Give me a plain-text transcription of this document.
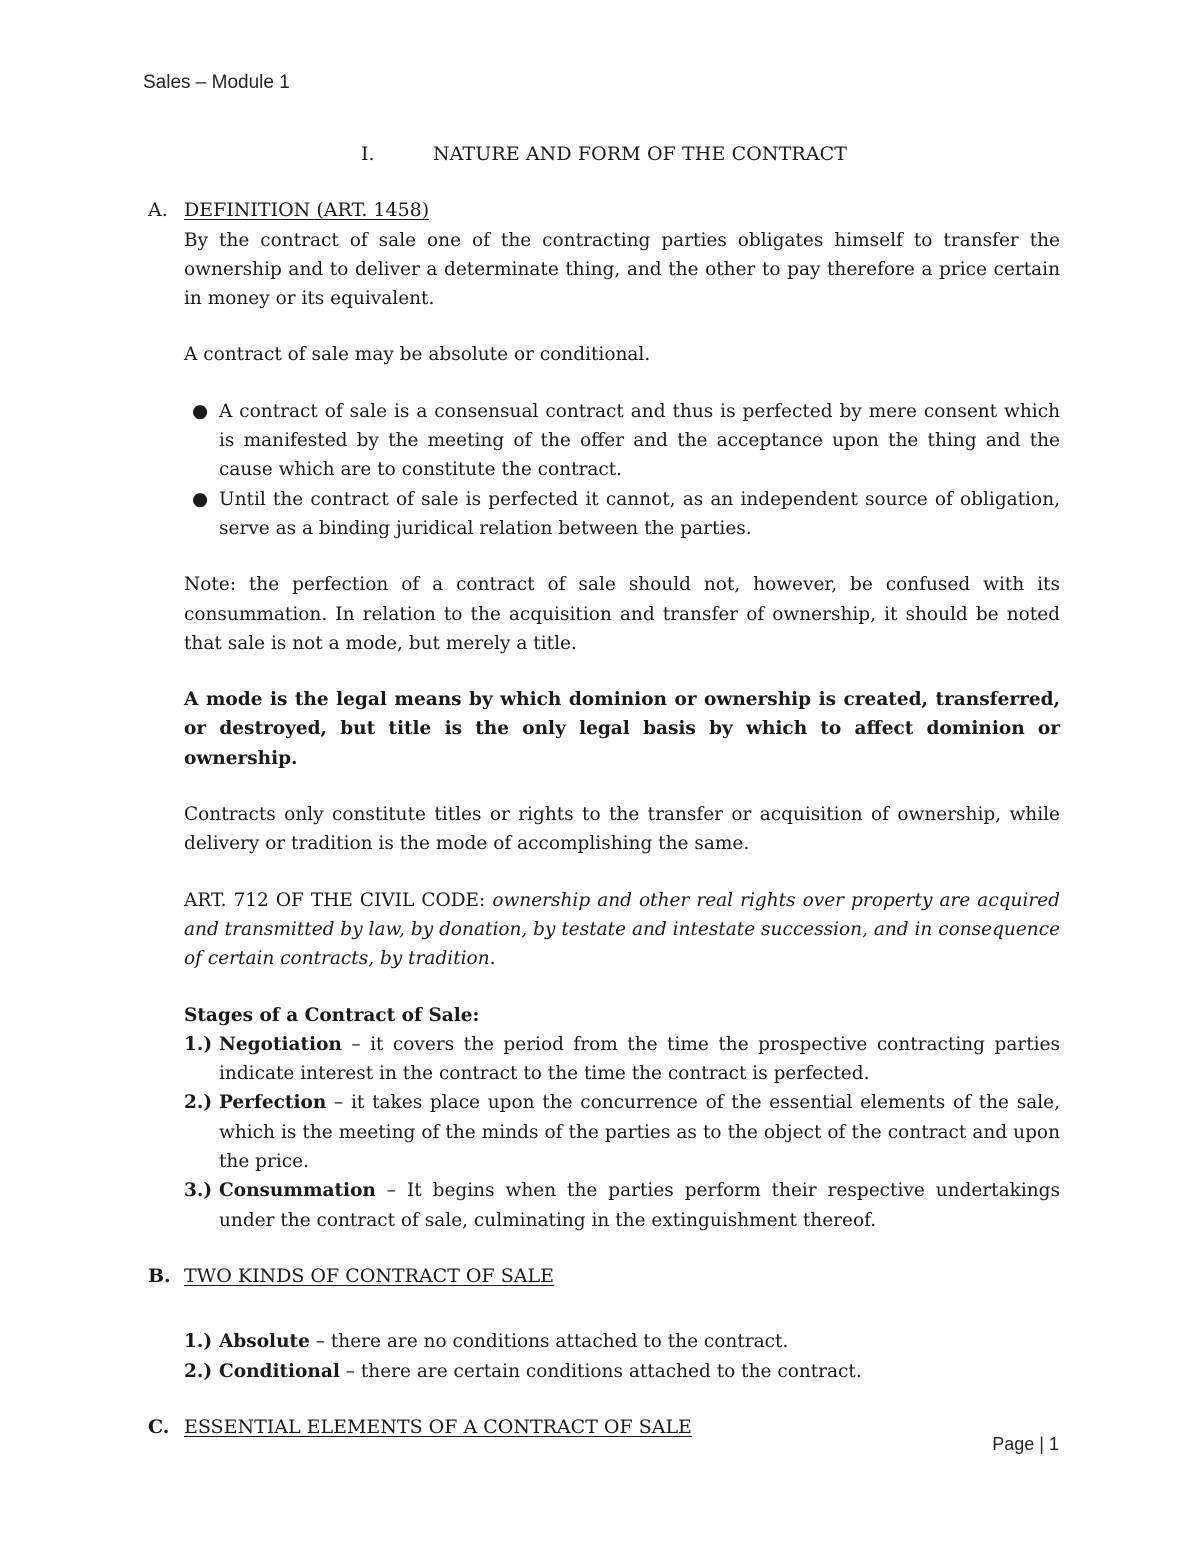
Sales – Module 1
I.	NATURE AND FORM OF THE CONTRACT
A. DEFINITION (ART. 1458)

By the contract of sale one of the contracting parties obligates himself to transfer the ownership and to deliver a determinate thing, and the other to pay therefore a price certain in money or its equivalent.

A contract of sale may be absolute or conditional.

● A contract of sale is a consensual contract and thus is perfected by mere consent which is manifested by the meeting of the offer and the acceptance upon the thing and the cause which are to constitute the contract.
● Until the contract of sale is perfected it cannot, as an independent source of obligation, serve as a binding juridical relation between the parties.

Note: the perfection of a contract of sale should not, however, be confused with its consummation. In relation to the acquisition and transfer of ownership, it should be noted that sale is not a mode, but merely a title.

A mode is the legal means by which dominion or ownership is created, transferred, or destroyed, but title is the only legal basis by which to affect dominion or ownership.

Contracts only constitute titles or rights to the transfer or acquisition of ownership, while delivery or tradition is the mode of accomplishing the same.

ART. 712 OF THE CIVIL CODE: ownership and other real rights over property are acquired and transmitted by law, by donation, by testate and intestate succession, and in consequence of certain contracts, by tradition.

Stages of a Contract of Sale:

1.) Negotiation – it covers the period from the time the prospective contracting parties indicate interest in the contract to the time the contract is perfected.
2.) Perfection – it takes place upon the concurrence of the essential elements of the sale, which is the meeting of the minds of the parties as to the object of the contract and upon the price.
3.) Consummation – It begins when the parties perform their respective undertakings under the contract of sale, culminating in the extinguishment thereof.
B. TWO KINDS OF CONTRACT OF SALE
1.) Absolute – there are no conditions attached to the contract.
2.) Conditional – there are certain conditions attached to the contract.
C. ESSENTIAL ELEMENTS OF A CONTRACT OF SALE
Page | 1
